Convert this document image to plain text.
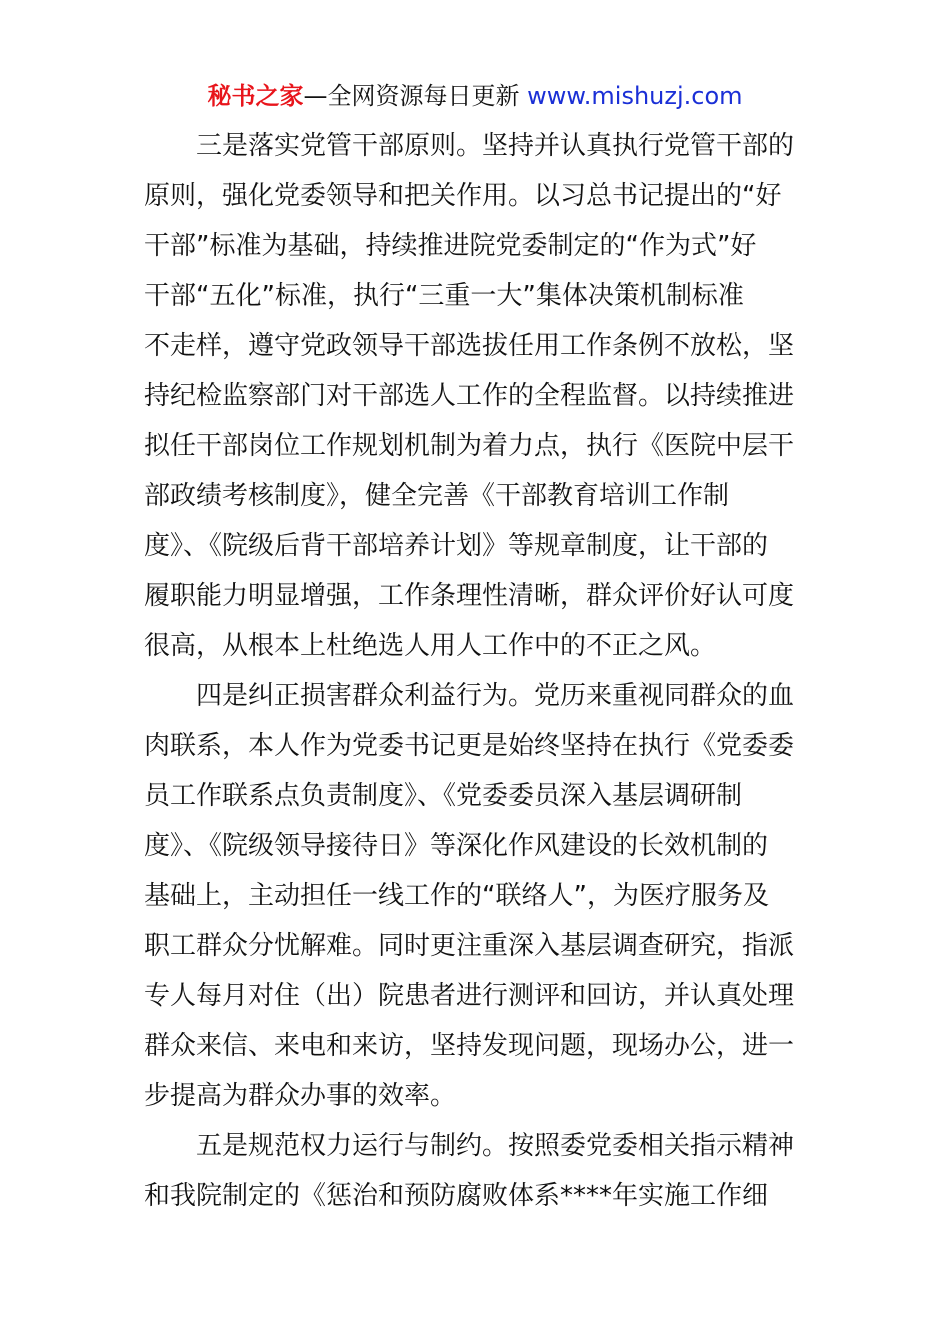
秘书之家—全网资源每日更新 www.mishuzj.com
三是落实党管干部原则。坚持并认真执行党管干部的
原则，强化党委领导和把关作用。以习总书记提出的“好
干部”标准为基础，持续推进院党委制定的“作为式”好
干部“五化”标准，执行“三重一大”集体决策机制标准
不走样，遵守党政领导干部选拔任用工作条例不放松，坚
持纪检监察部门对干部选人工作的全程监督。以持续推进
拟任干部岗位工作规划机制为着力点，执行《医院中层干
部政绩考核制度》，健全完善《干部教育培训工作制
度》、《院级后背干部培养计划》等规章制度，让干部的
履职能力明显增强，工作条理性清晰，群众评价好认可度
很高，从根本上杜绝选人用人工作中的不正之风。
四是纠正损害群众利益行为。党历来重视同群众的血
肉联系，本人作为党委书记更是始终坚持在执行《党委委
员工作联系点负责制度》、《党委委员深入基层调研制
度》、《院级领导接待日》等深化作风建设的长效机制的
基础上，主动担任一线工作的“联络人”，为医疗服务及
职工群众分忧解难。同时更注重深入基层调查研究，指派
专人每月对住（出）院患者进行测评和回访，并认真处理
群众来信、来电和来访，坚持发现问题，现场办公，进一
步提高为群众办事的效率。
五是规范权力运行与制约。按照委党委相关指示精神
和我院制定的《惩治和预防腐败体系****年实施工作细
